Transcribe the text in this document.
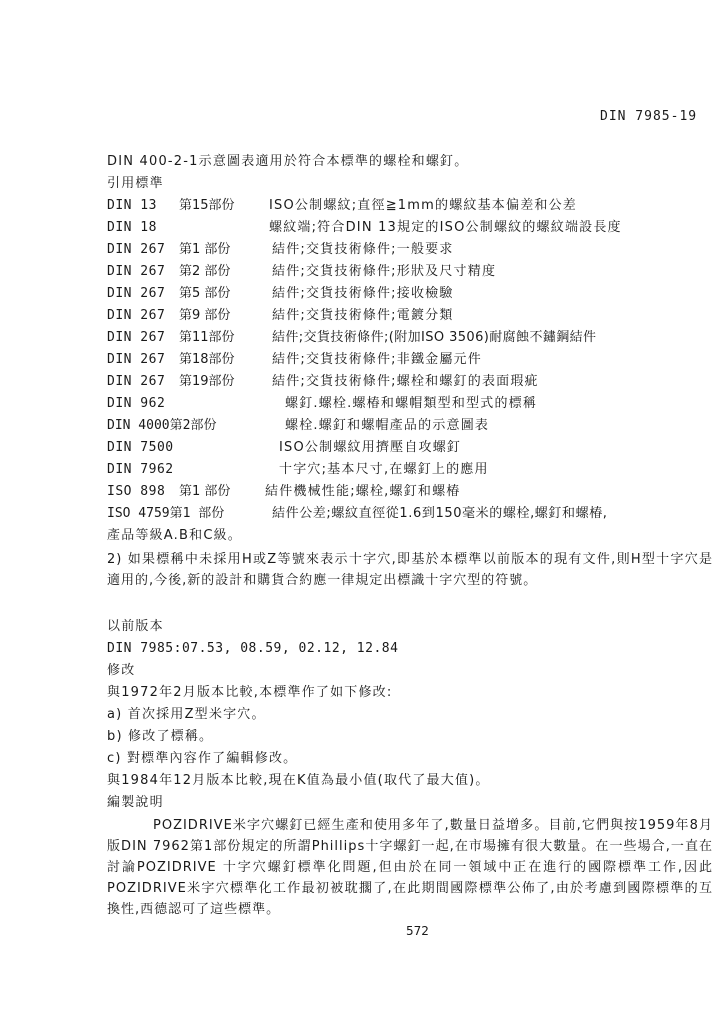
DIN 7985-19
DIN 400-2-1示意圖表適用於符合本標準的螺栓和螺釘。
引用標準
DIN 13 第15部份	ISO公制螺紋;直徑≧1mm的螺紋基本偏差和公差
DIN 18	螺紋端;符合DIN 13規定的ISO公制螺紋的螺紋端設長度
DIN 267 第1 部份	結件;交貨技術條件;一般要求
DIN 267 第2 部份	結件;交貨技術條件;形狀及尺寸精度
DIN 267 第5 部份	結件;交貨技術條件;接收檢驗
DIN 267 第9 部份	結件;交貨技術條件;電鍍分類
DIN 267 第11部份	結件;交貨技術條件;(附加ISO 3506)耐腐蝕不鏽鋼結件
DIN 267 第18部份	結件;交貨技術條件;非鐵金屬元件
DIN 267 第19部份	結件;交貨技術條件;螺栓和螺釘的表面瑕疵
DIN 962	螺釘.螺栓.螺椿和螺帽類型和型式的標稱
DIN 4000第2部份	螺栓.螺釘和螺帽產品的示意圖表
DIN 7500	ISO公制螺紋用擠壓自攻螺釘
DIN 7962	十字穴;基本尺寸,在螺釘上的應用
ISO 898 第1 部份	結件機械性能;螺栓,螺釘和螺椿
ISO 4759第1 部份	結件公差;螺紋直徑從1.6到150毫米的螺栓,螺釘和螺椿,
產品等級A.B和C級。
2) 如果標稱中未採用H或Z等號來表示十字穴,即基於本標準以前版本的現有文件,則H型十字穴是適用的,今後,新的設計和購貨合約應一律規定出標識十字穴型的符號。
以前版本
DIN 7985:07.53, 08.59, 02.12, 12.84
修改
與1972年2月版本比較,本標準作了如下修改:
a) 首次採用Z型米字穴。
b) 修改了標稱。
c) 對標準內容作了編輯修改。
與1984年12月版本比較,現在K值為最小值(取代了最大值)。
編製說明
POZIDRIVE米字穴螺釘已經生產和使用多年了,數量日益增多。目前,它們與按1959年8月版DIN 7962第1部份規定的所謂Phillips十字螺釘一起,在市場擁有很大數量。在一些場合,一直在討論POZIDRIVE 十字穴螺釘標準化問題,但由於在同一領域中正在進行的國際標準工作,因此POZIDRIVE米字穴標準化工作最初被耽擱了,在此期間國際標準公佈了,由於考慮到國際標準的互換性,西德認可了這些標準。
572
